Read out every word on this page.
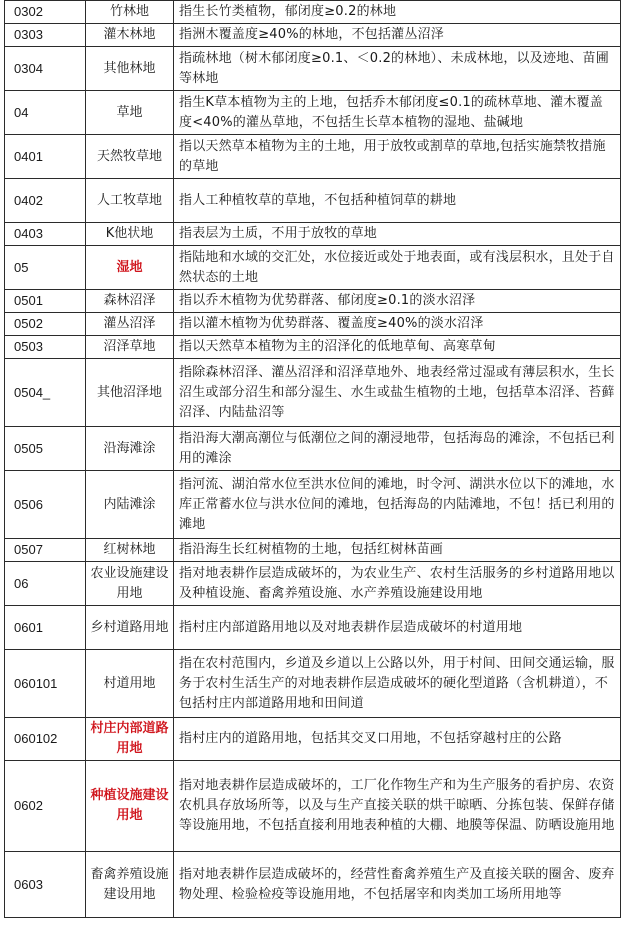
0302	竹林地	指生长竹类植物，郁闭度≥0.2的林地
0303	灌木林地	指洲木覆盖度≥40%的林地，不包括灌丛沼泽
0304	其他林地	指疏林地（树木郁闭度≥0.1、＜0.2的林地）、未成林地，以及迹地、苗圃等林地
04	草地	指生K草本植物为主的上地，包括乔木郁闭度≤0.1的疏林草地、灌木覆盖度<40%的灌丛草地，不包括生长草本植物的湿地、盐碱地
0401	天然牧草地	指以天然草本植物为主的土地，用于放牧或割草的草地,包括实施禁牧措施的草地
0402	人工牧草地	指人工种植牧草的草地，不包括种植饲草的耕地
0403	K他状地	指表层为土质，不用于放牧的草地
05	湿地	指陆地和水域的交汇处，水位接近或处于地表面，或有浅层积水，且处于自然状态的土地
0501	森林沼泽	指以乔木植物为优势群落、郁闭度≥0.1的淡水沼泽
0502	灌丛沼泽	指以灌木植物为优势群落、覆盖度≥40%的淡水沼泽
0503	沼泽草地	指以天然草本植物为主的沼泽化的低地草甸、高寒草甸
0504_	其他沼泽地	指除森林沼泽、灌丛沼泽和沼泽草地外、地表经常过湿或有薄层积水，生长沼生或部分沼生和部分湿生、水生或盐生植物的土地，包括草本沼泽、苔藓沼泽、内陆盐沼等
0505	沿海滩涂	指沿海大潮高潮位与低潮位之间的潮浸地带，包括海岛的滩涂，不包括已利用的滩涂
0506	内陆滩涂	指河流、湖泊常水位至洪水位间的滩地，时令河、湖洪水位以下的滩地，水库正常蓄水位与洪水位间的滩地，包括海岛的内陆滩地，不包！括已利用的滩地
0507	红树林地	指沿海生长红树植物的土地，包括红树林苗画
06	农业设施建设用地	指对地表耕作层造成破坏的，为农业生产、农村生活服务的乡村道路用地以及种植设施、畜禽养殖设施、水产养殖设施建设用地
0601	乡村道路用地	指村庄内部道路用地以及对地表耕作层造成破坏的村道用地
060101	村道用地	指在农村范围内，乡道及乡道以上公路以外，用于村间、田间交通运输，服务于农村生活生产的对地表耕作层造成破坏的硬化型道路（含机耕道），不包括村庄内部道路用地和田间道
060102	村庄内部道路用地	指村庄内的道路用地，包括其交叉口用地，不包括穿越村庄的公路
0602	种植设施建设用地	指对地表耕作层造成破坏的，工厂化作物生产和为生产服务的看护房、农资农机具存放场所等，以及与生产直接关联的烘干晾晒、分拣包装、保鲜存储等设施用地，不包括直接利用地表种植的大棚、地膜等保温、防晒设施用地
0603	畜禽养殖设施建设用地	指对地表耕作层造成破坏的，经营性畜禽养殖生产及直接关联的圈舍、废弃物处理、检验检疫等设施用地，不包括屠宰和肉类加工场所用地等
